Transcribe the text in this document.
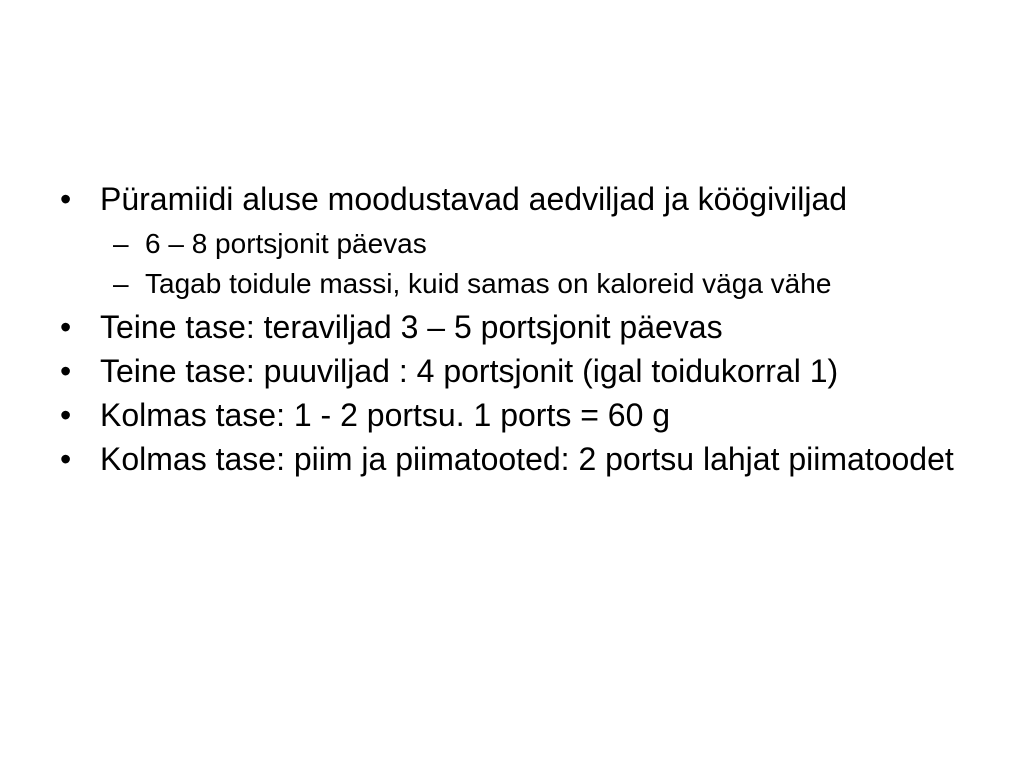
• Püramiidi aluse moodustavad aedviljad ja köögiviljad
– 6 – 8 portsjonit päevas
– Tagab toidule massi, kuid samas on kaloreid väga vähe
• Teine tase: teraviljad 3 – 5 portsjonit päevas
• Teine tase: puuviljad : 4 portsjonit (igal toidukorral 1)
• Kolmas tase: 1 - 2 portsu. 1 ports = 60 g
• Kolmas tase: piim ja piimatooted: 2 portsu lahjat piimatoodet
